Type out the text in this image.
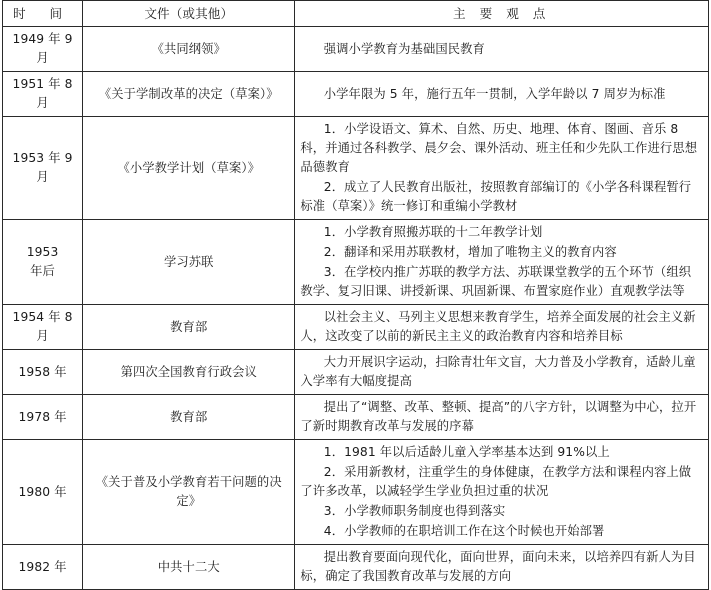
时 间	文件（或其他）	主 要 观 点

1949 年 9 月	《共同纲领》	强调小学教育为基础国民教育

1951 年 8 月	《关于学制改革的决定（草案）》	小学年限为 5 年，施行五年一贯制，入学年龄以 7 周岁为标准

1953 年 9 月	《小学教学计划（草案）》	1．小学设语文、算术、自然、历史、地理、体育、图画、音乐 8 科，并通过各科教学、晨夕会、课外活动、班主任和少先队工作进行思想品德教育
2．成立了人民教育出版社，按照教育部编订的《小学各科课程暂行标准（草案）》统一修订和重编小学教材

1953
年后	学习苏联	1．小学教育照搬苏联的十二年教学计划
2．翻译和采用苏联教材，增加了唯物主义的教育内容
3．在学校内推广苏联的教学方法、苏联课堂教学的五个环节（组织教学、复习旧课、讲授新课、巩固新课、布置家庭作业）直观教学法等

1954 年 8 月	教育部	以社会主义、马列主义思想来教育学生，培养全面发展的社会主义新人，这改变了以前的新民主主义的政治教育内容和培养目标

1958 年	第四次全国教育行政会议	大力开展识字运动，扫除青壮年文盲，大力普及小学教育，适龄儿童入学率有大幅度提高

1978 年	教育部	提出了“调整、改革、整顿、提高”的八字方针，以调整为中心，拉开了新时期教育改革与发展的序幕

1980 年	《关于普及小学教育若干问题的决定》	1．1981 年以后适龄儿童入学率基本达到 91%以上
2．采用新教材，注重学生的身体健康，在教学方法和课程内容上做了许多改革，以减轻学生学业负担过重的状况
3．小学教师职务制度也得到落实
4．小学教师的在职培训工作在这个时候也开始部署

1982 年	中共十二大	提出教育要面向现代化，面向世界，面向未来，以培养四有新人为目标，确定了我国教育改革与发展的方向
